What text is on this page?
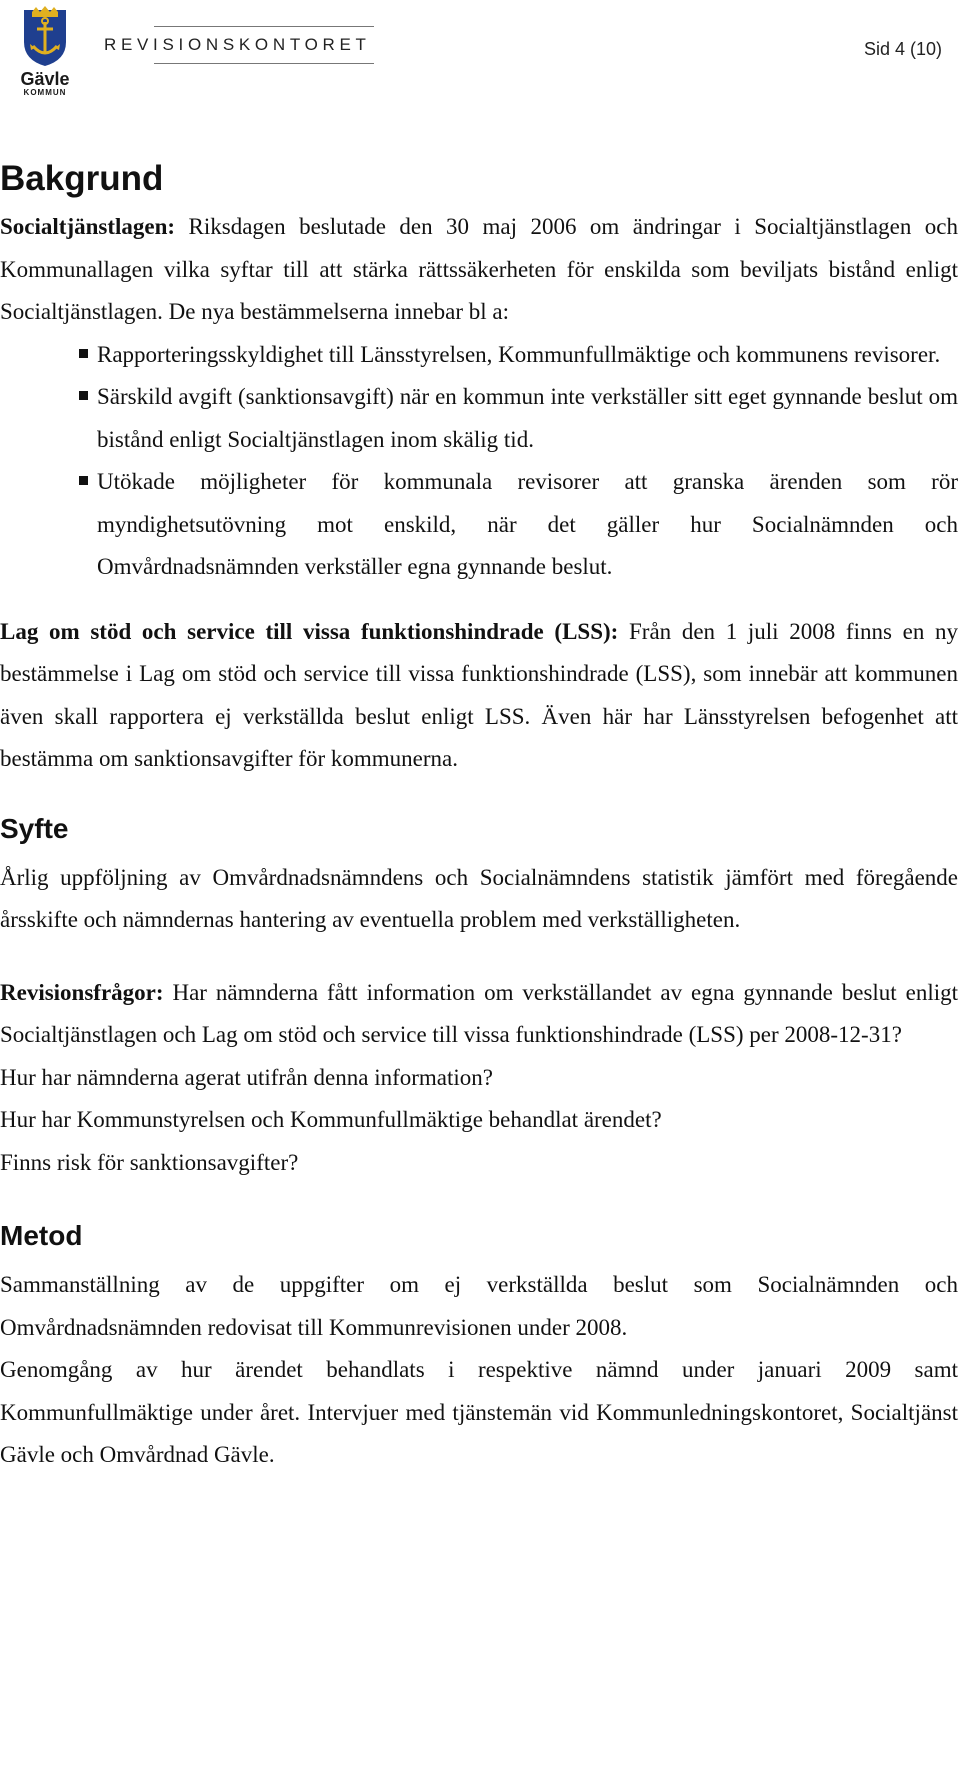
Gävle
KOMMUN
REVISIONSKONTORET	Sid 4 (10)
Bakgrund

Socialtjänstlagen: Riksdagen beslutade den 30 maj 2006 om ändringar i Socialtjänstlagen och Kommunallagen vilka syftar till att stärka rättssäkerheten för enskilda som beviljats bistånd enligt Socialtjänstlagen. De nya bestämmelserna innebar bl a:

Rapporteringsskyldighet till Länsstyrelsen, Kommunfullmäktige och kommunens revisorer.
Särskild avgift (sanktionsavgift) när en kommun inte verkställer sitt eget gynnande beslut om bistånd enligt Socialtjänstlagen inom skälig tid.
Utökade möjligheter för kommunala revisorer att granska ärenden som rör myndighetsutövning mot enskild, när det gäller hur Socialnämnden och Omvårdnadsnämnden verkställer egna gynnande beslut.

Lag om stöd och service till vissa funktionshindrade (LSS): Från den 1 juli 2008 finns en ny bestämmelse i Lag om stöd och service till vissa funktionshindrade (LSS), som innebär att kommunen även skall rapportera ej verkställda beslut enligt LSS. Även här har Länsstyrelsen befogenhet att bestämma om sanktionsavgifter för kommunerna.

Syfte

Årlig uppföljning av Omvårdnadsnämndens och Socialnämndens statistik jämfört med föregående årsskifte och nämndernas hantering av eventuella problem med verkställigheten.

Revisionsfrågor: Har nämnderna fått information om verkställandet av egna gynnande beslut enligt Socialtjänstlagen och Lag om stöd och service till vissa funktionshindrade (LSS) per 2008-12-31?

Hur har nämnderna agerat utifrån denna information?

Hur har Kommunstyrelsen och Kommunfullmäktige behandlat ärendet?

Finns risk för sanktionsavgifter?

Metod

Sammanställning av de uppgifter om ej verkställda beslut som Socialnämnden och Omvårdnadsnämnden redovisat till Kommunrevisionen under 2008.

Genomgång av hur ärendet behandlats i respektive nämnd under januari 2009 samt Kommunfullmäktige under året. Intervjuer med tjänstemän vid Kommunledningskontoret, Socialtjänst Gävle och Omvårdnad Gävle.
